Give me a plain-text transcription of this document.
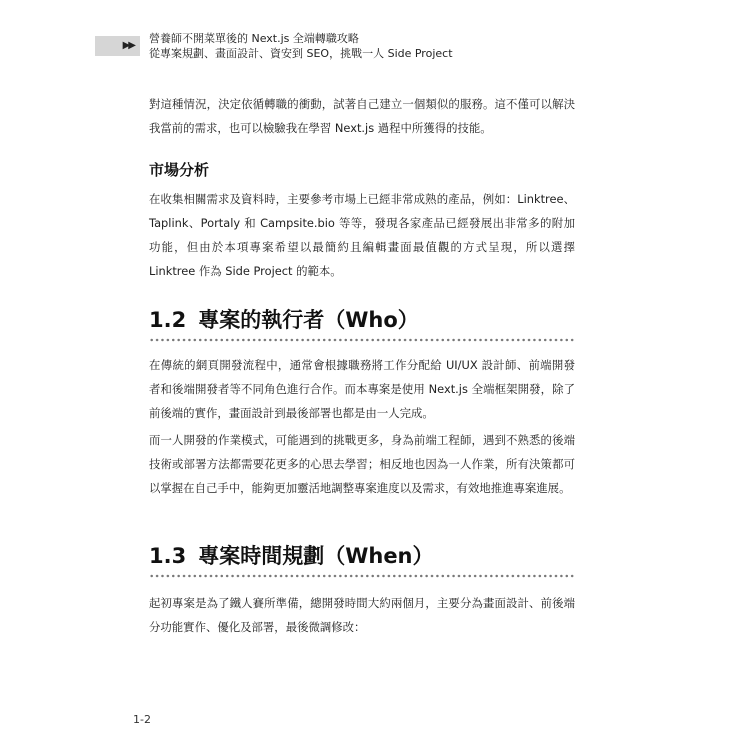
▶▶
營養師不開菜單後的 Next.js 全端轉職攻略
從專案規劃、畫面設計、資安到 SEO，挑戰一人 Side Project
對這種情況，決定依循轉職的衝動，試著自己建立一個類似的服務。這不僅可以解決我當前的需求，也可以檢驗我在學習 Next.js 過程中所獲得的技能。
市場分析
在收集相關需求及資料時，主要參考市場上已經非常成熟的產品，例如：Linktree、Taplink、Portaly 和 Campsite.bio 等等，發現各家產品已經發展出非常多的附加功能，但由於本項專案希望以最簡約且編輯畫面最值觀的方式呈現，所以選擇 Linktree 作為 Side Project 的範本。
1.2 專案的執行者（Who）
在傳統的網頁開發流程中，通常會根據職務將工作分配給 UI/UX 設計師、前端開發者和後端開發者等不同角色進行合作。而本專案是使用 Next.js 全端框架開發，除了前後端的實作，畫面設計到最後部署也都是由一人完成。
而一人開發的作業模式，可能遇到的挑戰更多，身為前端工程師，遇到不熟悉的後端技術或部署方法都需要花更多的心思去學習；相反地也因為一人作業，所有決策都可以掌握在自己手中，能夠更加靈活地調整專案進度以及需求，有效地推進專案進展。
1.3 專案時間規劃（When）
起初專案是為了鐵人賽所準備，總開發時間大約兩個月，主要分為畫面設計、前後端分功能實作、優化及部署，最後微調修改：
1-2
